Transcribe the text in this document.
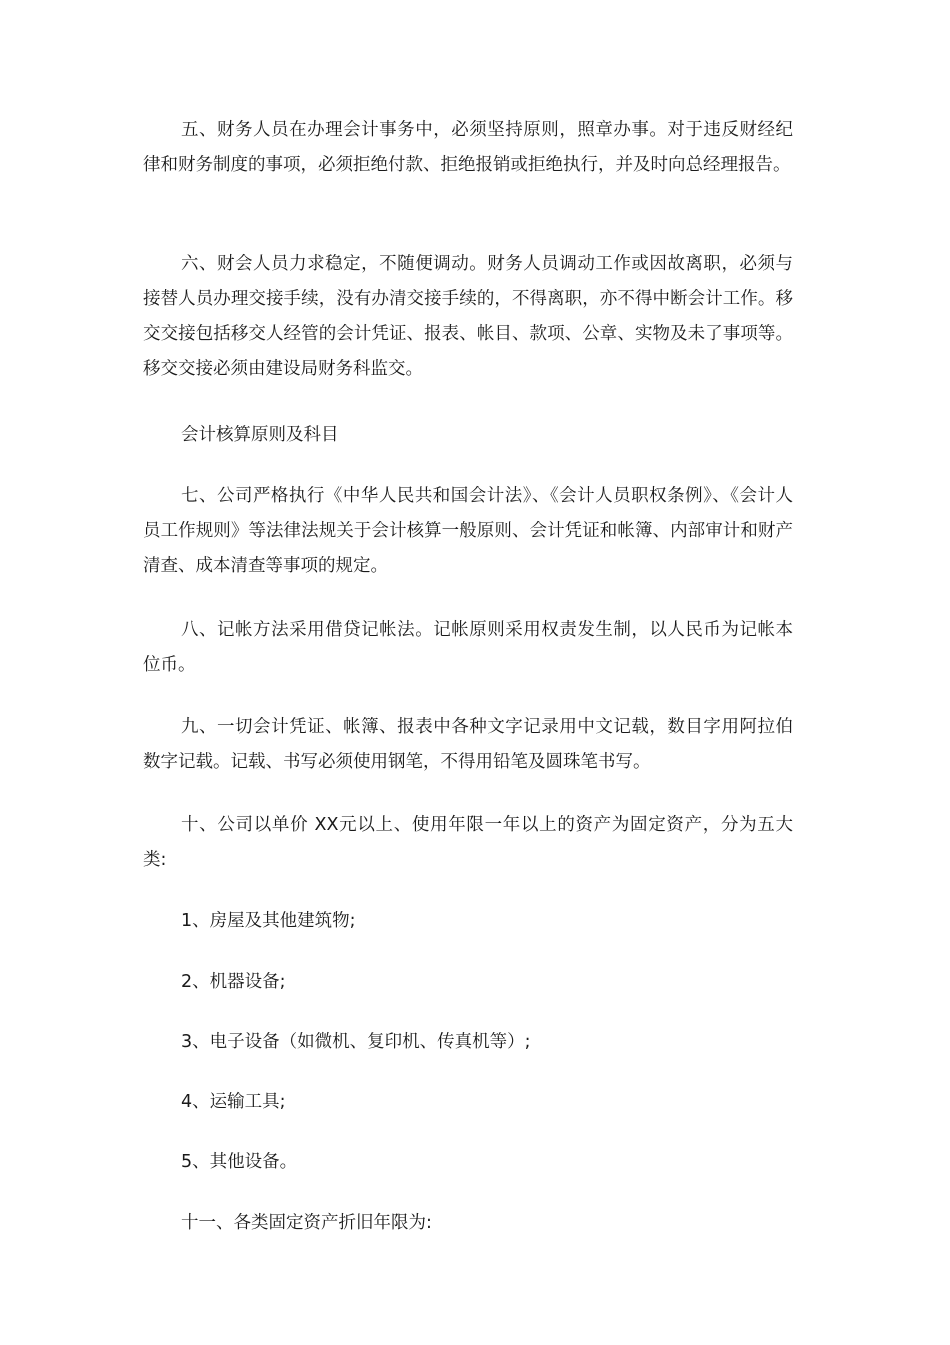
五、财务人员在办理会计事务中，必须坚持原则，照章办事。对于违反财经纪律和财务制度的事项，必须拒绝付款、拒绝报销或拒绝执行，并及时向总经理报告。

六、财会人员力求稳定，不随便调动。财务人员调动工作或因故离职，必须与接替人员办理交接手续，没有办清交接手续的，不得离职，亦不得中断会计工作。移交交接包括移交人经管的会计凭证、报表、帐目、款项、公章、实物及未了事项等。移交交接必须由建设局财务科监交。

会计核算原则及科目

七、公司严格执行《中华人民共和国会计法》、《会计人员职权条例》、《会计人员工作规则》等法律法规关于会计核算一般原则、会计凭证和帐簿、内部审计和财产清查、成本清查等事项的规定。

八、记帐方法采用借贷记帐法。记帐原则采用权责发生制，以人民币为记帐本位币。

九、一切会计凭证、帐簿、报表中各种文字记录用中文记载，数目字用阿拉伯数字记载。记载、书写必须使用钢笔，不得用铅笔及圆珠笔书写。

十、公司以单价 XX元以上、使用年限一年以上的资产为固定资产，分为五大类:

1、房屋及其他建筑物;

2、机器设备;

3、电子设备（如微机、复印机、传真机等）;

4、运输工具;

5、其他设备。

十一、各类固定资产折旧年限为:
